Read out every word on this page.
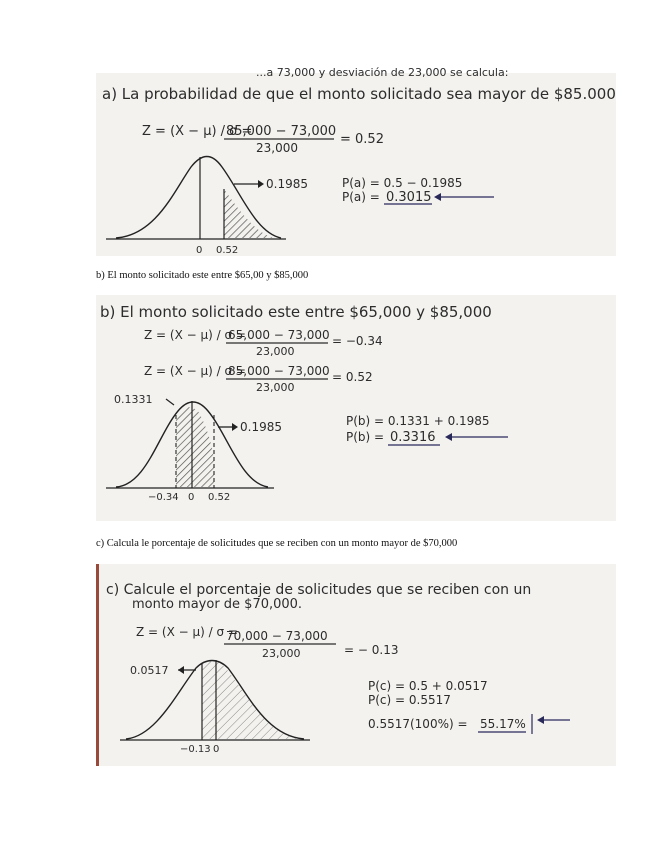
...a 73,000 y desviación de 23,000 se calcula:
a) La probabilidad de que el monto solicitado sea mayor de $85.000
Z = (X − μ) / σ =
85,000 − 73,000
23,000
= 0.52
0 0.52
0.1985	P(a) = 0.5 − 0.1985
P(a) = 0.3015
b) El monto solicitado este entre $65,00 y $85,000
b) El monto solicitado este entre $65,000 y $85,000
Z = (X − μ) / σ =
65,000 − 73,000
23,000
= −0.34
Z = (X − μ) / σ =
85,000 − 73,000
23,000
= 0.52
0.1331
−0.34 0 0.52
0.1985	P(b) = 0.1331 + 0.1985
P(b) = 0.3316
c) Calcula le porcentaje de solicitudes que se reciben con un monto mayor de $70,000
c) Calcule el porcentaje de solicitudes que se reciben con un
monto mayor de $70,000.
Z = (X − μ) / σ =
70,000 − 73,000
23,000	= − 0.13
0.0517
−0.13 0
P(c) = 0.5 + 0.0517
P(c) = 0.5517
0.5517(100%) = 55.17%
